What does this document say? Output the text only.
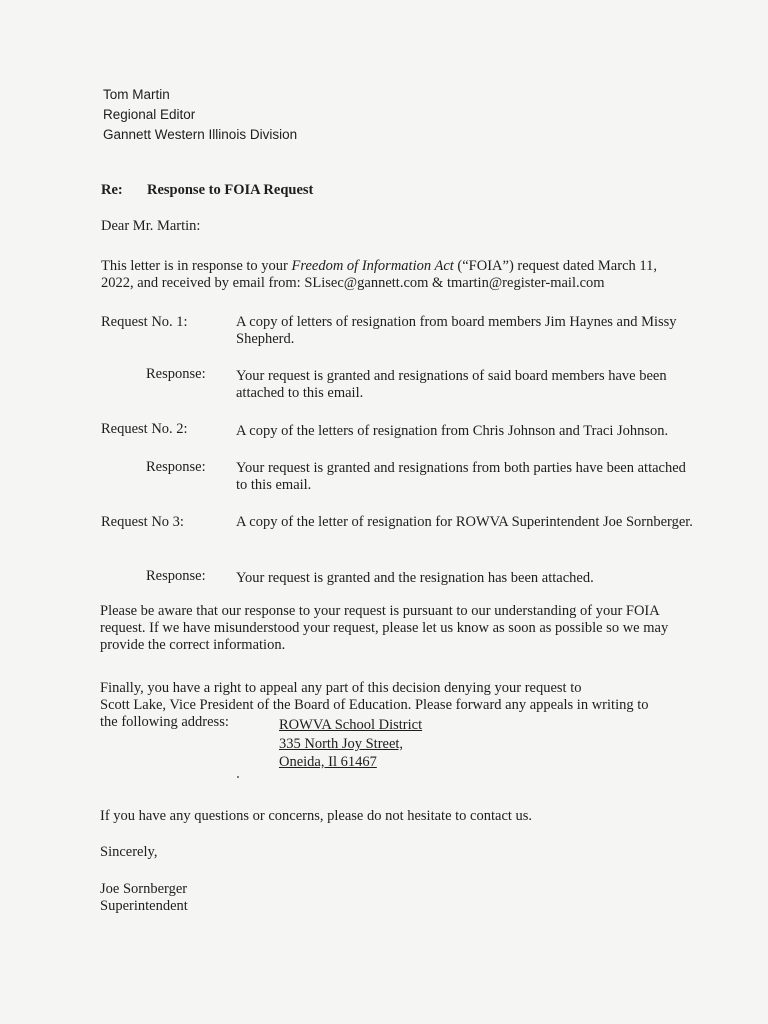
Tom Martin
Regional Editor
Gannett Western Illinois Division
Re: Response to FOIA Request
Dear Mr. Martin:
This letter is in response to your Freedom of Information Act (“FOIA”) request dated March 11,
2022, and received by email from: SLisec@gannett.com & tmartin@register-mail.com
Request No. 1:	A copy of letters of resignation from board members Jim Haynes and Missy Shepherd.
Response: Your request is granted and resignations of said board members have been attached to this email.
Request No. 2:	A copy of the letters of resignation from Chris Johnson and Traci Johnson.
Response: Your request is granted and resignations from both parties have been attached to this email.
Request No 3:	A copy of the letter of resignation for ROWVA Superintendent Joe Sornberger.
Response: Your request is granted and the resignation has been attached.
Please be aware that our response to your request is pursuant to our understanding of your FOIA request. If we have misunderstood your request, please let us know as soon as possible so we may provide the correct information.
Finally, you have a right to appeal any part of this decision denying your request to
Scott Lake, Vice President of the Board of Education. Please forward any appeals in writing to
the following address:	ROWVA School District
335 North Joy Street,
Oneida, Il 61467
If you have any questions or concerns, please do not hesitate to contact us.
Sincerely,
Joe Sornberger
Superintendent
